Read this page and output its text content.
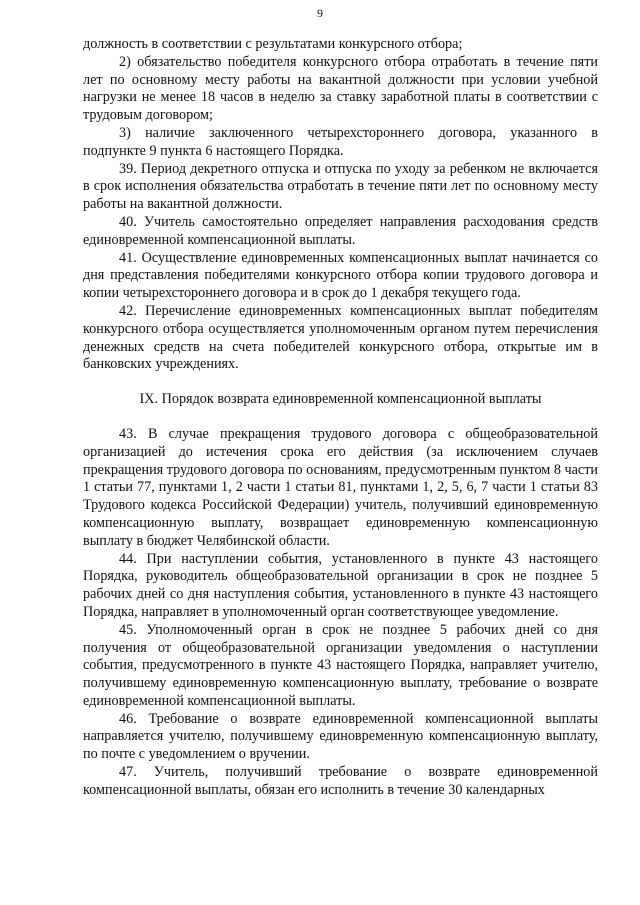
9

должность в соответствии с результатами конкурсного отбора;

2) обязательство победителя конкурсного отбора отработать в течение пяти лет по основному месту работы на вакантной должности при условии учебной нагрузки не менее 18 часов в неделю за ставку заработной платы в соответствии с трудовым договором;

3) наличие заключенного четырехстороннего договора, указанного в подпункте 9 пункта 6 настоящего Порядка.

39. Период декретного отпуска и отпуска по уходу за ребенком не включается в срок исполнения обязательства отработать в течение пяти лет по основному месту работы на вакантной должности.

40. Учитель самостоятельно определяет направления расходования средств единовременной компенсационной выплаты.

41. Осуществление единовременных компенсационных выплат начинается со дня представления победителями конкурсного отбора копии трудового договора и копии четырехстороннего договора и в срок до 1 декабря текущего года.

42. Перечисление единовременных компенсационных выплат победителям конкурсного отбора осуществляется уполномоченным органом путем перечисления денежных средств на счета победителей конкурсного отбора, открытые им в банковских учреждениях.

IX. Порядок возврата единовременной компенсационной выплаты

43. В случае прекращения трудового договора с общеобразовательной организацией до истечения срока его действия (за исключением случаев прекращения трудового договора по основаниям, предусмотренным пунктом 8 части 1 статьи 77, пунктами 1, 2 части 1 статьи 81, пунктами 1, 2, 5, 6, 7 части 1 статьи 83 Трудового кодекса Российской Федерации) учитель, получивший единовременную компенсационную выплату, возвращает единовременную компенсационную выплату в бюджет Челябинской области.

44. При наступлении события, установленного в пункте 43 настоящего Порядка, руководитель общеобразовательной организации в срок не позднее 5 рабочих дней со дня наступления события, установленного в пункте 43 настоящего Порядка, направляет в уполномоченный орган соответствующее уведомление.

45. Уполномоченный орган в срок не позднее 5 рабочих дней со дня получения от общеобразовательной организации уведомления о наступлении события, предусмотренного в пункте 43 настоящего Порядка, направляет учителю, получившему единовременную компенсационную выплату, требование о возврате единовременной компенсационной выплаты.

46. Требование о возврате единовременной компенсационной выплаты направляется учителю, получившему единовременную компенсационную выплату, по почте с уведомлением о вручении.

47. Учитель, получивший требование о возврате единовременной компенсационной выплаты, обязан его исполнить в течение 30 календарных
